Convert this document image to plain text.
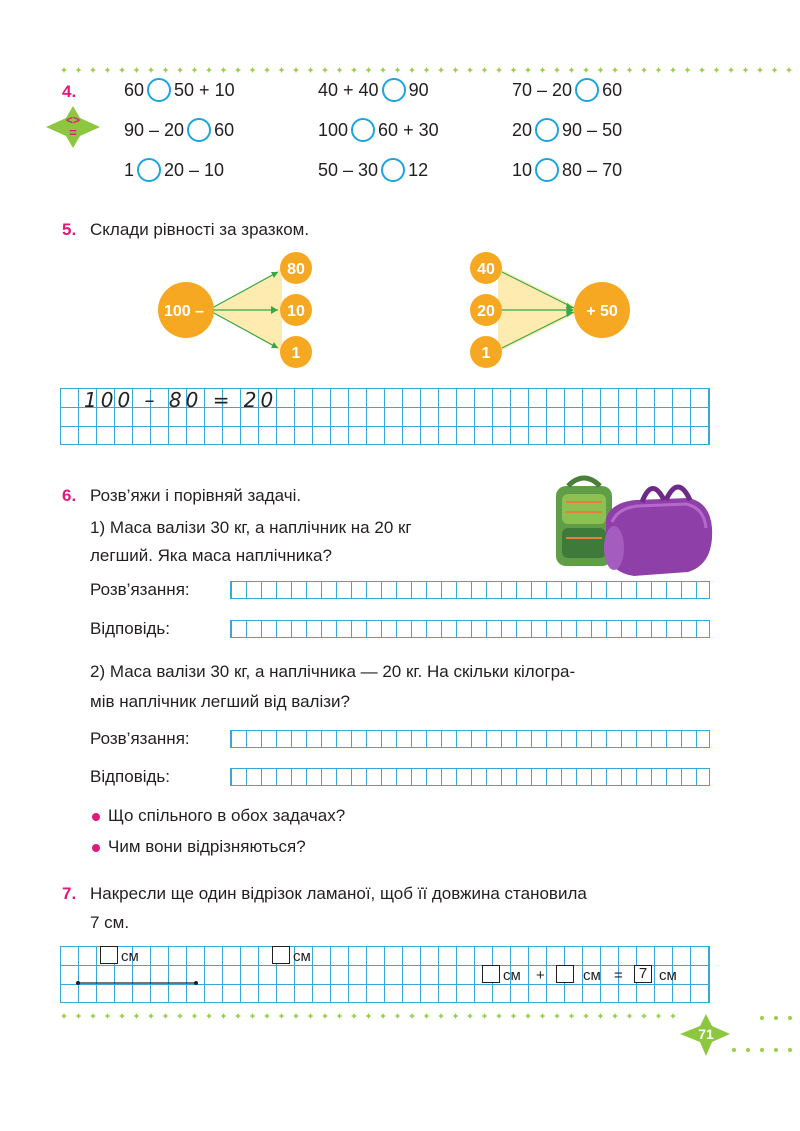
4.
<>
=
60 50 + 10	40 + 40 90	70 – 20 60
90 – 20 60	100 60 + 30	20 90 – 50
1 20 – 10	50 – 30 12	10 80 – 70
5. Склади рівності за зразком.
100 –
80
10
1
40
20
1
+ 50
100 – 80 = 20
6. Розв’яжи і порівняй задачі.
1) Маса валізи 30 кг, а наплічник на 20 кг
легший. Яка маса наплічника?
Розв’язання:
Відповідь:
2) Маса валізи 30 кг, а наплічника — 20 кг. На скільки кілогра-
мів наплічник легший від валізи?
Розв’язання:
Відповідь:
Що спільного в обох задачах?
Чим вони відрізняються?
7. Накресли ще один відрізок ламаної, щоб її довжина становила
7 см.
см	см
см +	см =	7 см
71
